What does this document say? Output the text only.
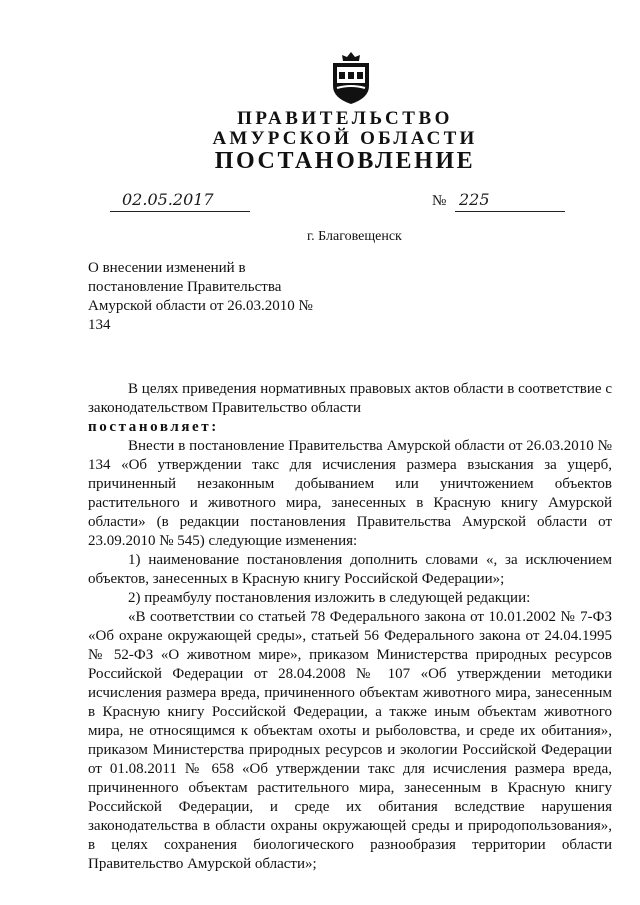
ПРАВИТЕЛЬСТВО
АМУРСКОЙ ОБЛАСТИ
ПОСТАНОВЛЕНИЕ
02.05.2017	№ 225
г. Благовещенск
О внесении изменений в постановление Правительства Амурской области от 26.03.2010 № 134

В целях приведения нормативных правовых актов области в соответствие с законодательством Правительство области

постановляет:

Внести в постановление Правительства Амурской области от 26.03.2010 № 134 «Об утверждении такс для исчисления размера взыскания за ущерб, причиненный незаконным добыванием или уничтожением объектов растительного и животного мира, занесенных в Красную книгу Амурской области» (в редакции постановления Правительства Амурской области от 23.09.2010 № 545) следующие изменения:

1) наименование постановления дополнить словами «, за исключением объектов, занесенных в Красную книгу Российской Федерации»;

2) преамбулу постановления изложить в следующей редакции:

«В соответствии со статьей 78 Федерального закона от 10.01.2002 № 7-ФЗ «Об охране окружающей среды», статьей 56 Федерального закона от 24.04.1995 № 52-ФЗ «О животном мире», приказом Министерства природных ресурсов Российской Федерации от 28.04.2008 № 107 «Об утверждении методики исчисления размера вреда, причиненного объектам животного мира, занесенным в Красную книгу Российской Федерации, а также иным объектам животного мира, не относящимся к объектам охоты и рыболовства, и среде их обитания», приказом Министерства природных ресурсов и экологии Российской Федерации от 01.08.2011 № 658 «Об утверждении такс для исчисления размера вреда, причиненного объектам растительного мира, занесенным в Красную книгу Российской Федерации, и среде их обитания вследствие нарушения законодательства в области охраны окружающей среды и природопользования», в целях сохранения биологического разнообразия территории области Правительство Амурской области»;
